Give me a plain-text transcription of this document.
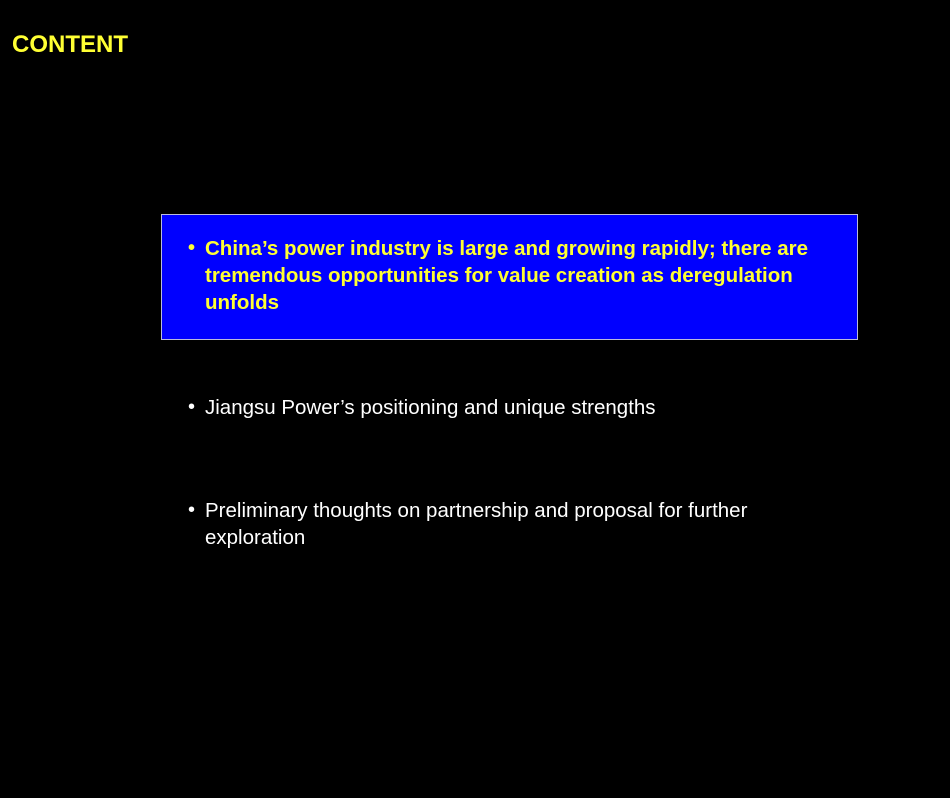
CONTENT
• China’s power industry is large and growing rapidly; there are tremendous opportunities for value creation as deregulation unfolds
• Jiangsu Power’s positioning and unique strengths
• Preliminary thoughts on partnership and proposal for further exploration
